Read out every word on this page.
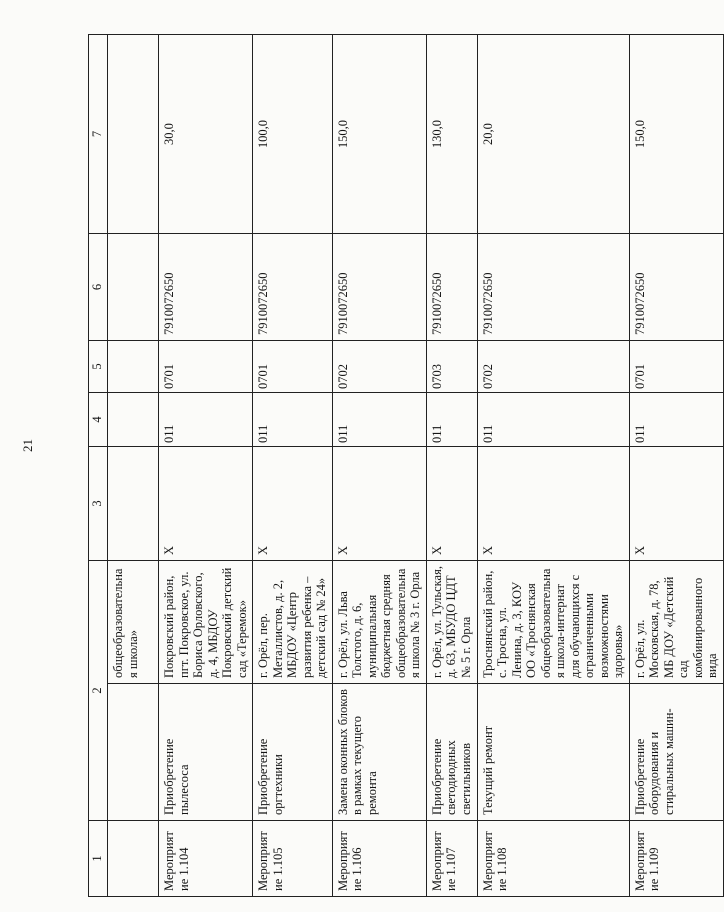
21
1	2		3	4	5	6	7
		общеобразовательная школа»					
Мероприятие 1.104	Приобретение пылесоса	Покровский район, пгт. Покровское, ул. Бориса Орловского, д. 4, МБДОУ Покровский детский сад «Теремок»	X	011	0701	7910072650	30,0
Мероприятие 1.105	Приобретение оргтехники	г. Орёл, пер. Металлистов, д. 2, МБДОУ «Центр развития ребенка – детский сад № 24»	X	011	0701	7910072650	100,0
Мероприятие 1.106	Замена оконных блоков в рамках текущего ремонта	г. Орёл, ул. Льва Толстого, д. 6, муниципальная бюджетная средняя общеобразовательная школа № 3 г. Орла	X	011	0702	7910072650	150,0
Мероприятие 1.107	Приобретение светодиодных светильников	г. Орёл, ул. Тульская, д. 63, МБУДО ЦДТ № 5 г. Орла	X	011	0703	7910072650	130,0
Мероприятие 1.108	Текущий ремонт	Троснянский район, с. Тросна, ул. Ленина, д. 3, КОУ ОО «Троснянская общеобразовательная школа-интернат для обучающихся с ограниченными возможностями здоровья»	X	011	0702	7910072650	20,0
Мероприятие 1.109	Приобретение оборудования и стиральных машин-	г. Орёл, ул. Московская, д. 78, МБ ДОУ «Детский сад комбинированного вида	X	011	0701	7910072650	150,0
